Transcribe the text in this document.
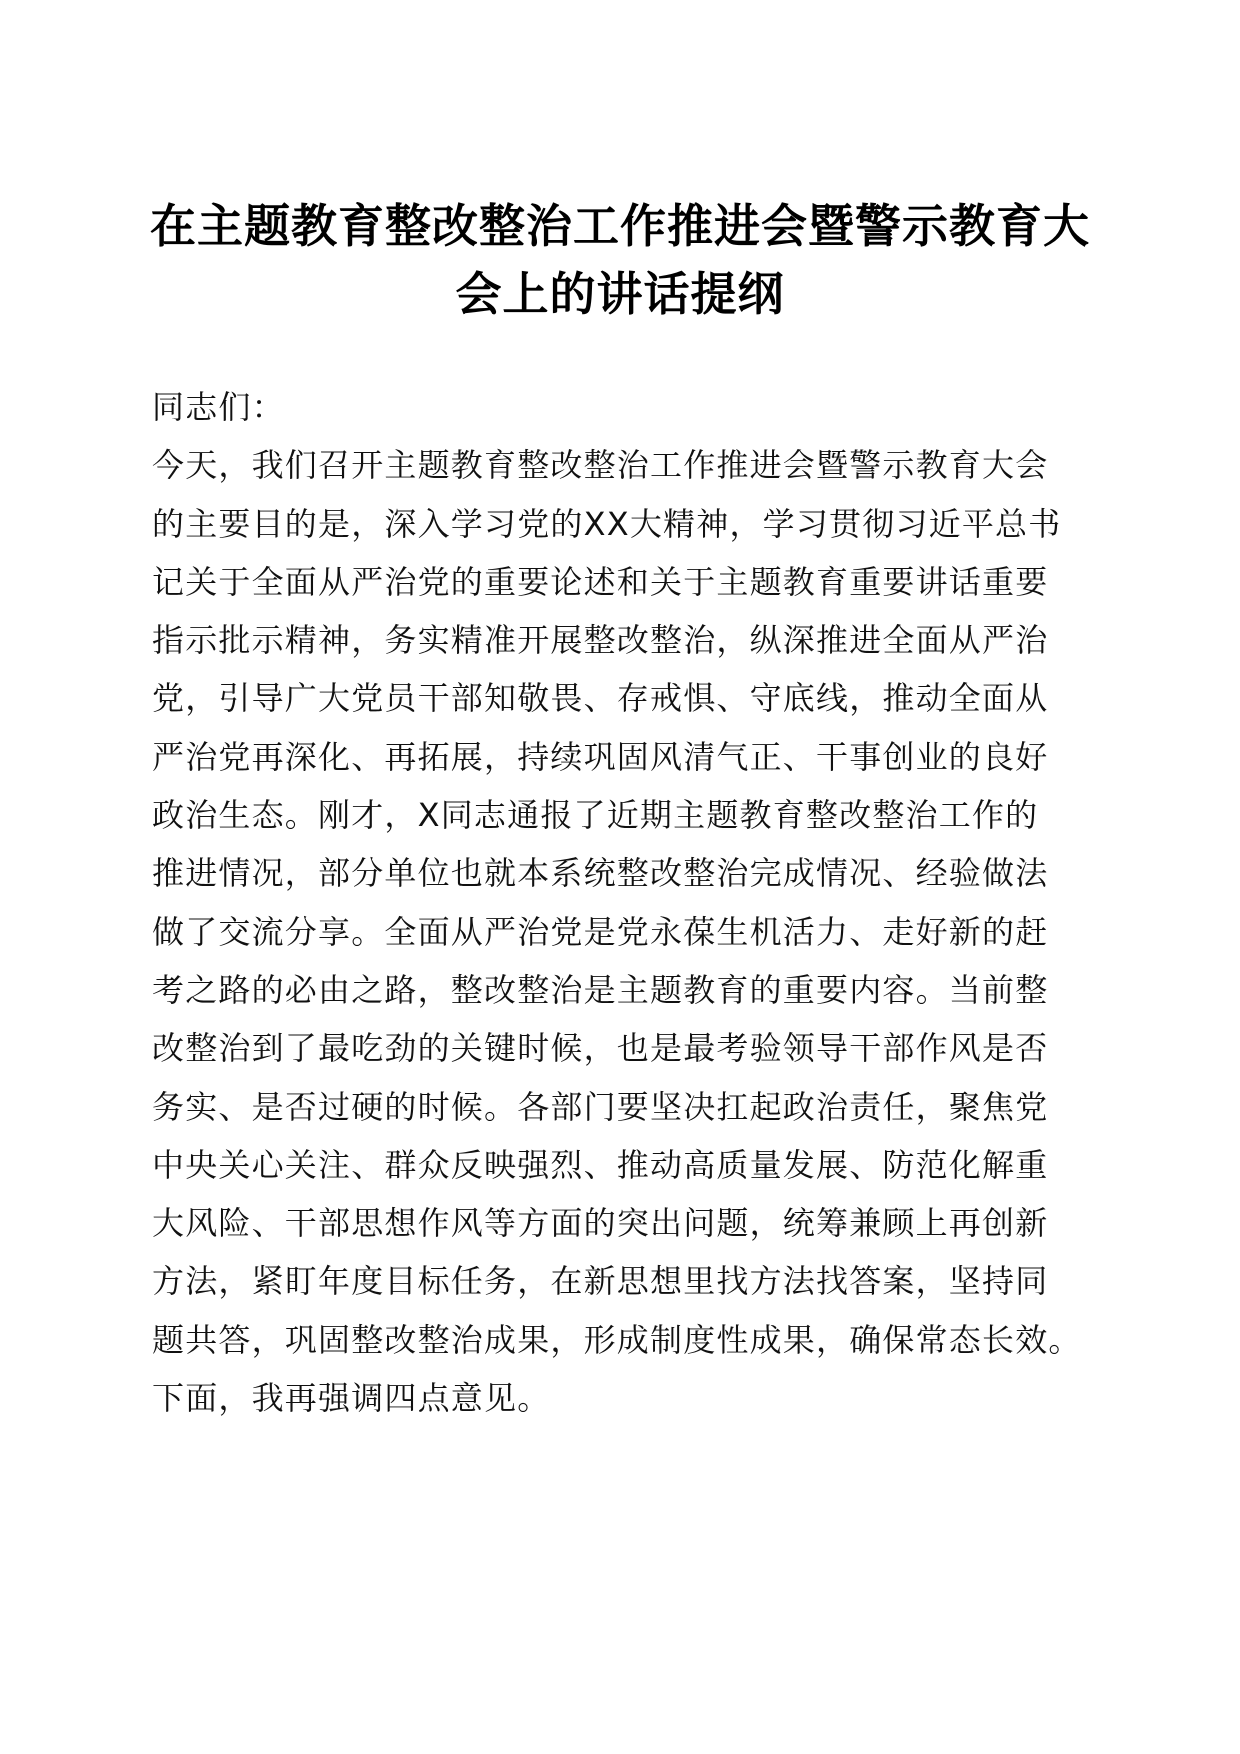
在主题教育整改整治工作推进会暨警示教育大
会上的讲话提纲
同志们：
今天，我们召开主题教育整改整治工作推进会暨警示教育大会
的主要目的是，深入学习党的XX大精神，学习贯彻习近平总书
记关于全面从严治党的重要论述和关于主题教育重要讲话重要
指示批示精神，务实精准开展整改整治，纵深推进全面从严治
党，引导广大党员干部知敬畏、存戒惧、守底线，推动全面从
严治党再深化、再拓展，持续巩固风清气正、干事创业的良好
政治生态。刚才，X同志通报了近期主题教育整改整治工作的
推进情况，部分单位也就本系统整改整治完成情况、经验做法
做了交流分享。全面从严治党是党永葆生机活力、走好新的赶
考之路的必由之路，整改整治是主题教育的重要内容。当前整
改整治到了最吃劲的关键时候，也是最考验领导干部作风是否
务实、是否过硬的时候。各部门要坚决扛起政治责任，聚焦党
中央关心关注、群众反映强烈、推动高质量发展、防范化解重
大风险、干部思想作风等方面的突出问题，统筹兼顾上再创新
方法，紧盯年度目标任务，在新思想里找方法找答案，坚持同
题共答，巩固整改整治成果，形成制度性成果，确保常态长效。
下面，我再强调四点意见。
